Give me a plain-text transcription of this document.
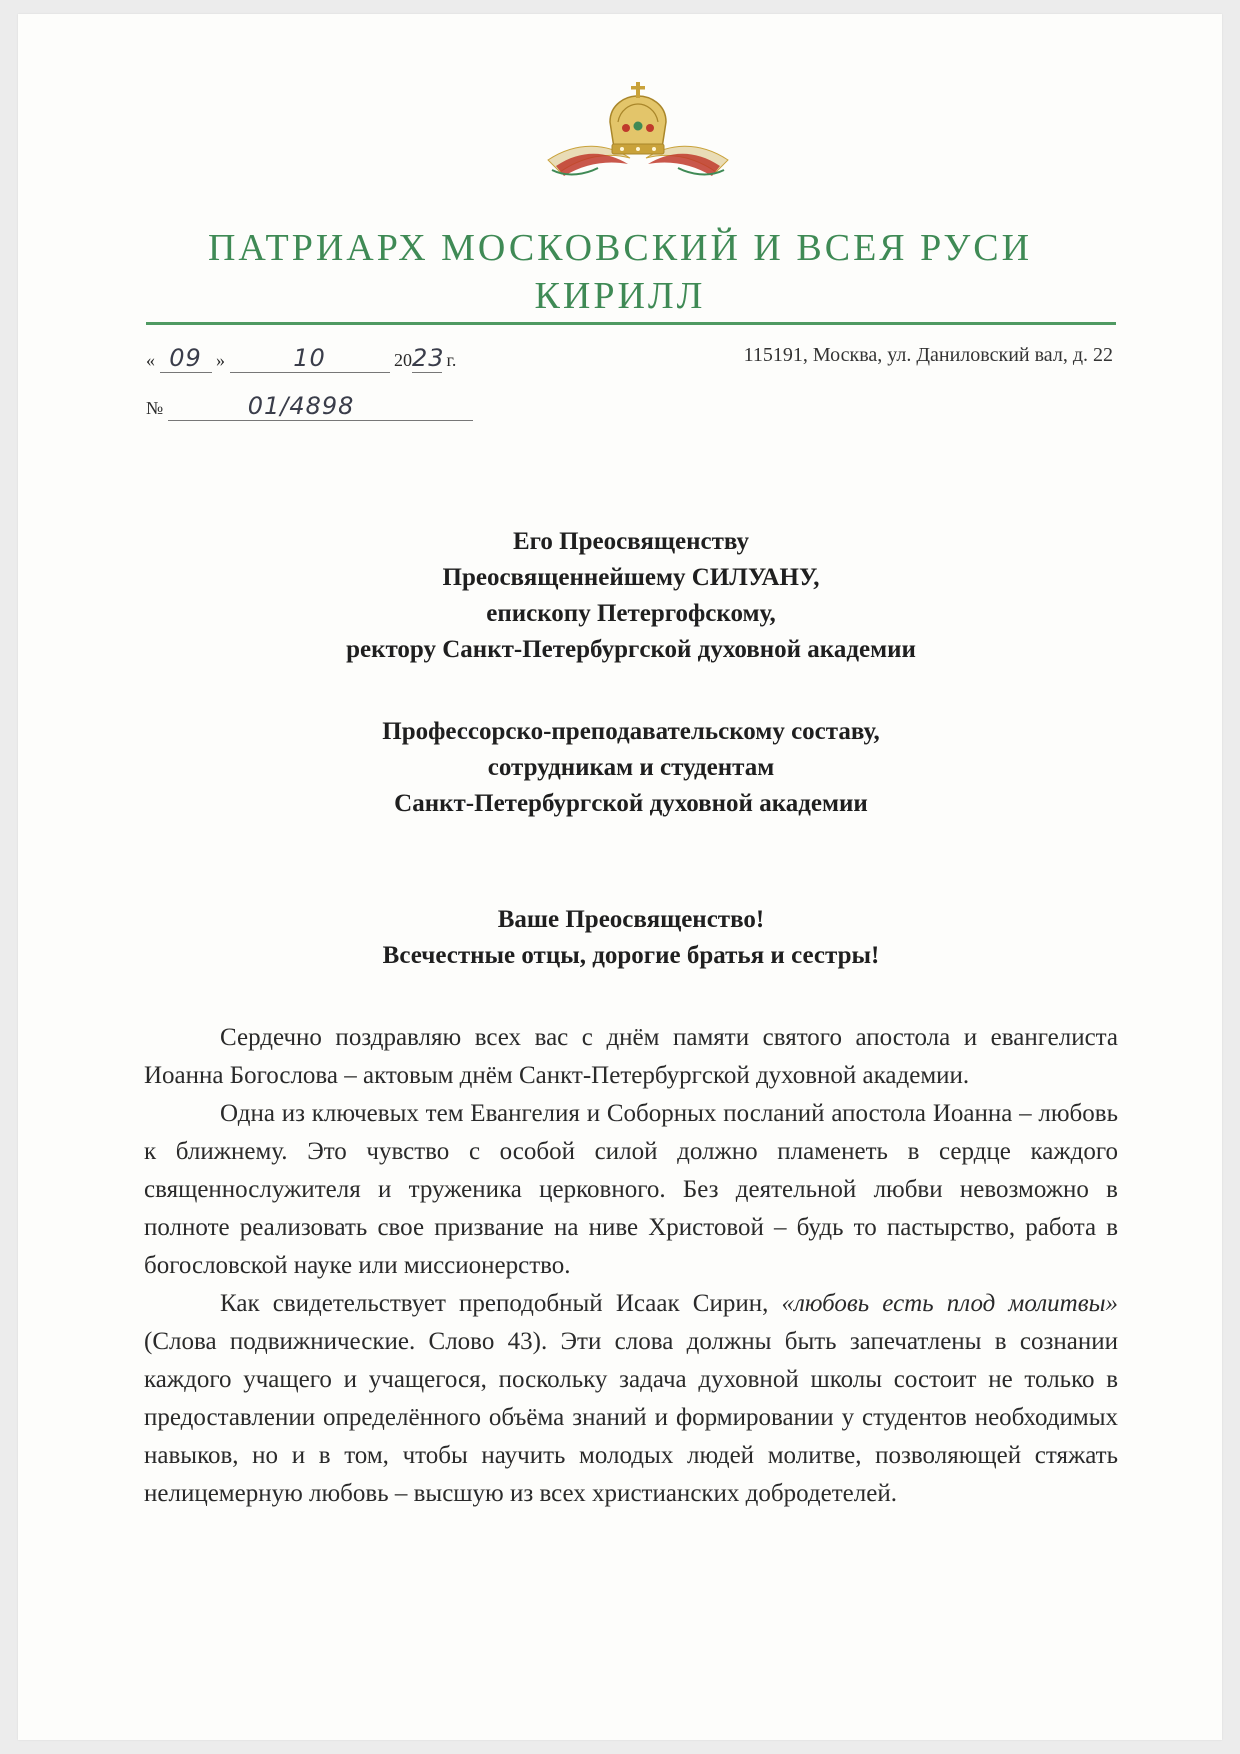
ПАТРИАРХ МОСКОВСКИЙ И ВСЕЯ РУСИ
КИРИЛЛ
« 09 »	10	2023 г.	115191, Москва, ул. Даниловский вал, д. 22
№	01/4898
Его Преосвященству
Преосвященнейшему СИЛУАНУ,
епископу Петергофскому,
ректору Санкт-Петербургской духовной академии
Профессорско-преподавательскому составу,
сотрудникам и студентам
Санкт-Петербургской духовной академии
Ваше Преосвященство!
Всечестные отцы, дорогие братья и сестры!

Сердечно поздравляю всех вас с днём памяти святого апостола и евангелиста Иоанна Богослова – актовым днём Санкт-Петербургской духовной академии.

Одна из ключевых тем Евангелия и Соборных посланий апостола Иоанна – любовь к ближнему. Это чувство с особой силой должно пламенеть в сердце каждого священнослужителя и труженика церковного. Без деятельной любви невозможно в полноте реализовать свое призвание на ниве Христовой – будь то пастырство, работа в богословской науке или миссионерство.

Как свидетельствует преподобный Исаак Сирин, «любовь есть плод молитвы» (Слова подвижнические. Слово 43). Эти слова должны быть запечатлены в сознании каждого учащего и учащегося, поскольку задача духовной школы состоит не только в предоставлении определённого объёма знаний и формировании у студентов необходимых навыков, но и в том, чтобы научить молодых людей молитве, позволяющей стяжать нелицемерную любовь – высшую из всех христианских добродетелей.
